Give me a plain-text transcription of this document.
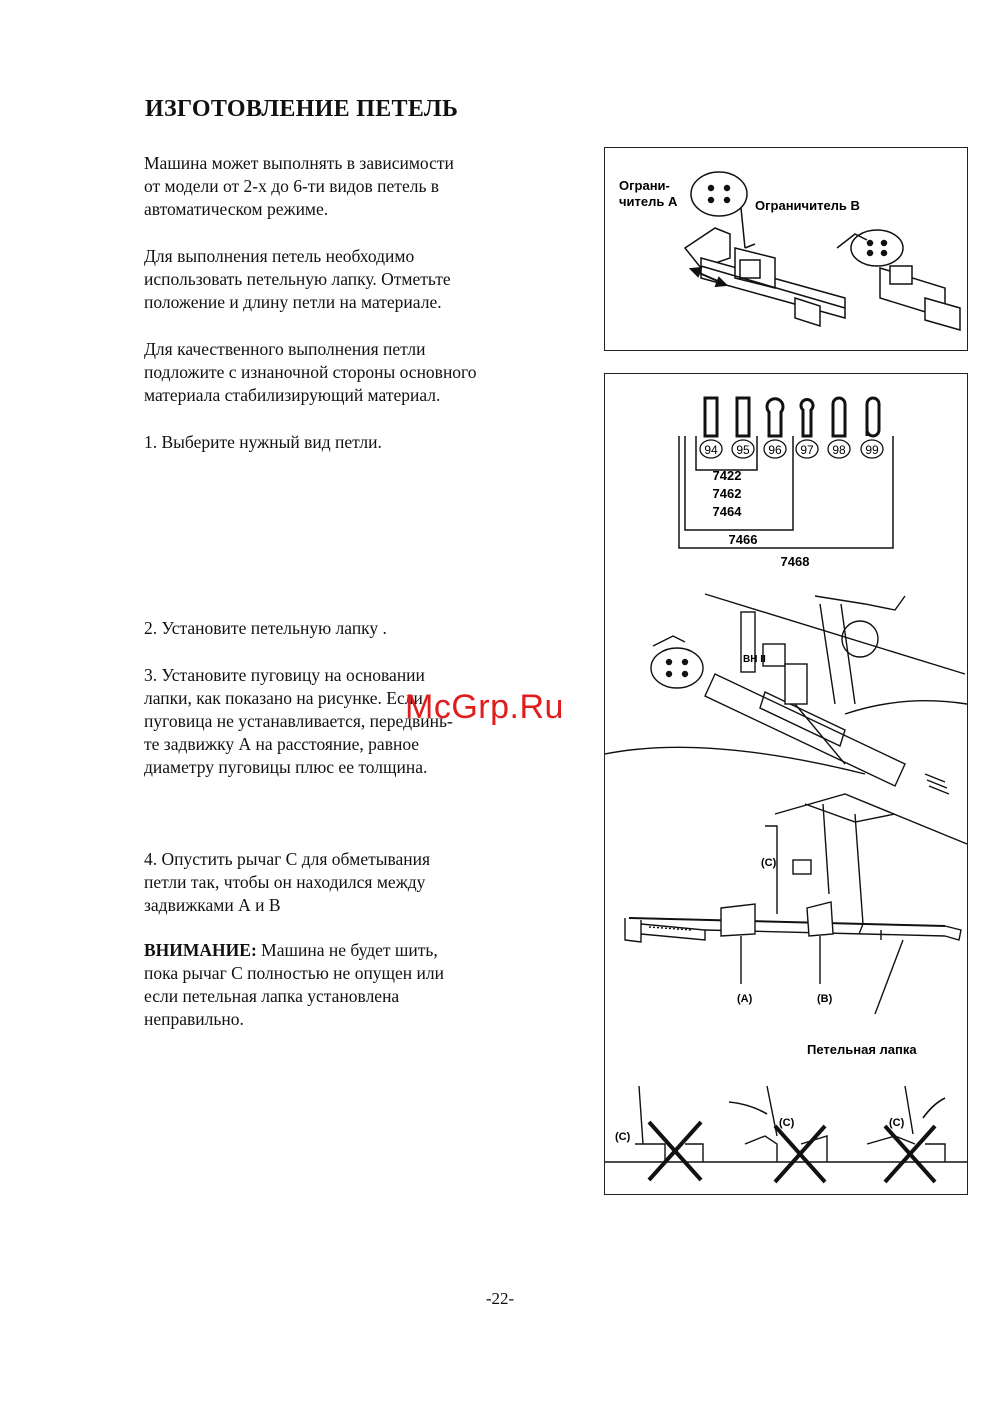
ИЗГОТОВЛЕНИЕ ПЕТЕЛЬ
Машина может выполнять в зависимости
от модели от 2-х до 6-ти видов петель в
автоматическом режиме.
Для выполнения петель необходимо
использовать петельную лапку. Отметьте
положение и длину петли на материале.
Для качественного выполнения петли
подложите с изнаночной стороны основного
материала стабилизирующий материал.
1. Выберите нужный вид петли.
2. Установите петельную лапку .
3. Установите пуговицу на основании
лапки, как показано на рисунке. Если
пуговица не устанавливается, передвинь-
те задвижку А на расстояние, равное
диаметру пуговицы плюс ее толщина.
4. Опустить рычаг С для обметывания
петли так, чтобы он находился между
задвижками А и В
ВНИМАНИЕ: Машина не будет шить,
пока рычаг С полностью не опущен или
если петельная лапка установлена
неправильно.
Ограни-
читель А	Ограничитель В
94 95 96 97 98 99
7422
7462
7464
7466
7468
BH II
(C)
(A)	(B)
Петельная лапка
(C)
(C)	(C)
McGrp.Ru
-22-
